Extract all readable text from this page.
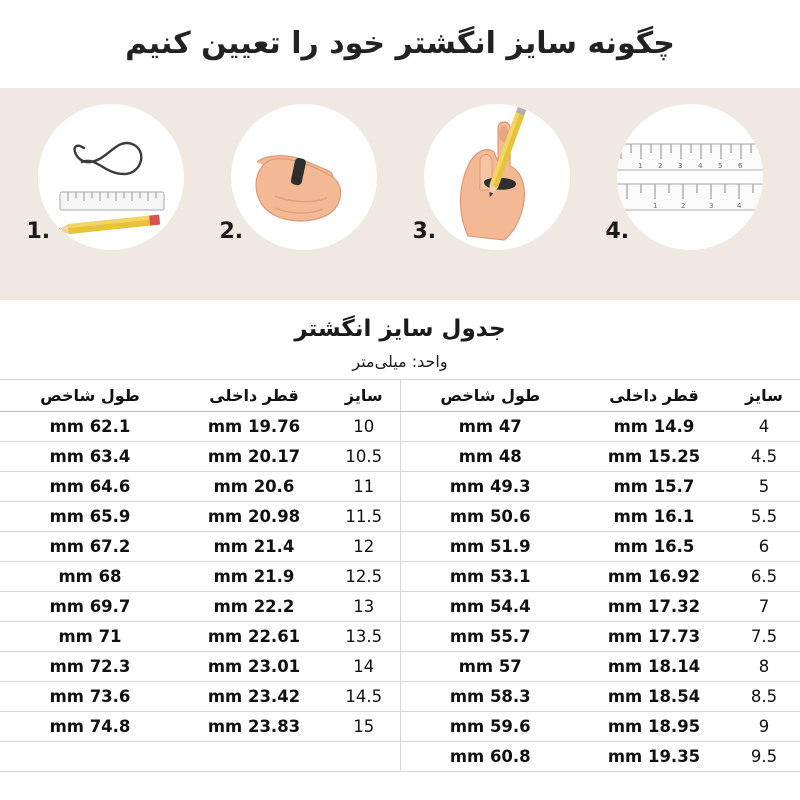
چگونه سایز انگشتر خود را تعیین کنیم
1.	2.	3.
1 2 3 4 5 6
1	2	3	4
4.
جدول سایز انگشتر
واحد: میلی‌متر
سایز	قطر داخلی	طول شاخص	سایز	قطر داخلی	طول شاخص
4	14.9 mm	47 mm	10	19.76 mm	62.1 mm
4.5	15.25 mm	48 mm	10.5	20.17 mm	63.4 mm
5	15.7 mm	49.3 mm	11	20.6 mm	64.6 mm
5.5	16.1 mm	50.6 mm	11.5	20.98 mm	65.9 mm
6	16.5 mm	51.9 mm	12	21.4 mm	67.2 mm
6.5	16.92 mm	53.1 mm	12.5	21.9 mm	68 mm
7	17.32 mm	54.4 mm	13	22.2 mm	69.7 mm
7.5	17.73 mm	55.7 mm	13.5	22.61 mm	71 mm
8	18.14 mm	57 mm	14	23.01 mm	72.3 mm
8.5	18.54 mm	58.3 mm	14.5	23.42 mm	73.6 mm
9	18.95 mm	59.6 mm	15	23.83 mm	74.8 mm
9.5	19.35 mm	60.8 mm			
